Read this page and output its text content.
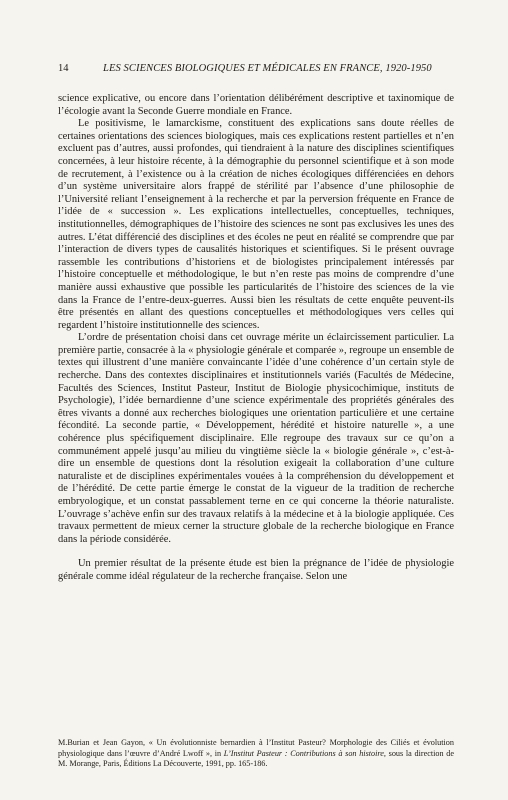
14	LES SCIENCES BIOLOGIQUES ET MÉDICALES EN FRANCE, 1920-1950

science explicative, ou encore dans l’orientation délibérément descriptive et taxinomique de l’écologie avant la Seconde Guerre mondiale en France.

Le positivisme, le lamarckisme, constituent des explications sans doute réelles de certaines orientations des sciences biologiques, mais ces explications restent partielles et n’en excluent pas d’autres, aussi profondes, qui tiendraient à la nature des disciplines scientifiques concernées, à leur histoire récente, à la démographie du personnel scientifique et à son mode de recrutement, à l’existence ou à la création de niches écologiques différenciées en dehors d’un système universitaire alors frappé de stérilité par l’absence d’une philosophie de l’Université reliant l’enseignement à la recherche et par la perversion fréquente en France de l’idée de « succession ». Les explications intellectuelles, conceptuelles, techniques, institutionnelles, démographiques de l’histoire des sciences ne sont pas exclusives les unes des autres. L’état différencié des disciplines et des écoles ne peut en réalité se comprendre que par l’interaction de divers types de causalités historiques et scientifiques. Si le présent ouvrage rassemble les contributions d’historiens et de biologistes principalement intéressés par l’histoire conceptuelle et méthodologique, le but n’en reste pas moins de comprendre d’une manière aussi exhaustive que possible les particularités de l’histoire des sciences de la vie dans la France de l’entre-deux-guerres. Aussi bien les résultats de cette enquête peuvent-ils être présentés en allant des questions conceptuelles et méthodologiques vers celles qui regardent l’histoire institutionnelle des sciences.

L’ordre de présentation choisi dans cet ouvrage mérite un éclaircissement particulier. La première partie, consacrée à la « physiologie générale et comparée », regroupe un ensemble de textes qui illustrent d’une manière convaincante l’idée d’une cohérence d’un certain style de recherche. Dans des contextes disciplinaires et institutionnels variés (Facultés de Médecine, Facultés des Sciences, Institut Pasteur, Institut de Biologie physicochimique, instituts de Psychologie), l’idée bernardienne d’une science expérimentale des propriétés générales des êtres vivants a donné aux recherches biologiques une orientation particulière et une certaine fécondité. La seconde partie, « Développement, hérédité et histoire naturelle », a une cohérence plus spécifiquement disciplinaire. Elle regroupe des travaux sur ce qu’on a communément appelé jusqu’au milieu du vingtième siècle la « biologie générale », c’est-à-dire un ensemble de questions dont la résolution exigeait la collaboration d’une culture naturaliste et de disciplines expérimentales vouées à la compréhension du développement et de l’hérédité. De cette partie émerge le constat de la vigueur de la tradition de recherche embryologique, et un constat passablement terne en ce qui concerne la théorie naturaliste. L’ouvrage s’achève enfin sur des travaux relatifs à la médecine et à la biologie appliquée. Ces travaux permettent de mieux cerner la structure globale de la recherche biologique en France dans la période considérée.

Un premier résultat de la présente étude est bien la prégnance de l’idée de physiologie générale comme idéal régulateur de la recherche française. Selon une

M.Burian et Jean Gayon, « Un évolutionniste bernardien à l’Institut Pasteur? Morphologie des Ciliés et évolution physiologique dans l’œuvre d’André Lwoff », in L’Institut Pasteur : Contributions à son histoire, sous la direction de M. Morange, Paris, Éditions La Découverte, 1991, pp. 165-186.
